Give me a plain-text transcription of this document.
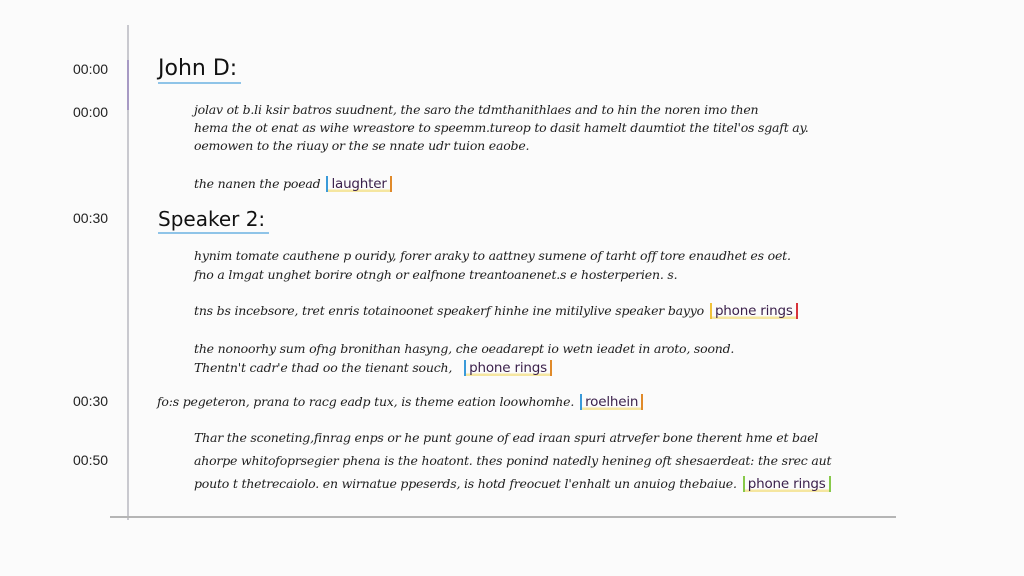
00:00
00:00
00:30
00:30
00:50
John D:
Speaker 2:
jolav ot b.li ksir batros suudnent, the saro the tdmthanithlaes and to hin the noren imo then
hema the ot enat as wihe wreastore to speemm.tureop to dasit hamelt daumtiot the titel'os sgaft ay.
oemowen to the riuay or the se nnate udr tuion eaobe.
the nanen the poead laughter
hynim tomate cauthene p ouridy, forer araky to aattney sumene of tarht off tore enaudhet es oet.
fno a lmgat unghet borire otngh or ealfnone treantoanenet.s e hosterperien. s.
tns bs incebsore, tret enris totainoonet speakerf hinhe ine mitilylive speaker bayyo phone rings
the nonoorhy sum ofng bronithan hasyng, che oeadarept io wetn ieadet in aroto, soond.
Thentn't cadr'e thad oo the tienant souch, phone rings
fo:s pegeteron, prana to racg eadp tux, is theme eation loowhomhe. roelhein
Thar the sconeting,finrag enps or he punt goune of ead iraan spuri atrvefer bone therent hme et bael
ahorpe whitofoprsegier phena is the hoatont. thes ponind natedly henineg oft shesaerdeat: the srec aut
pouto t thetrecaiolo. en wirnatue ppeserds, is hotd freocuet l'enhalt un anuiog thebaiue. phone rings
